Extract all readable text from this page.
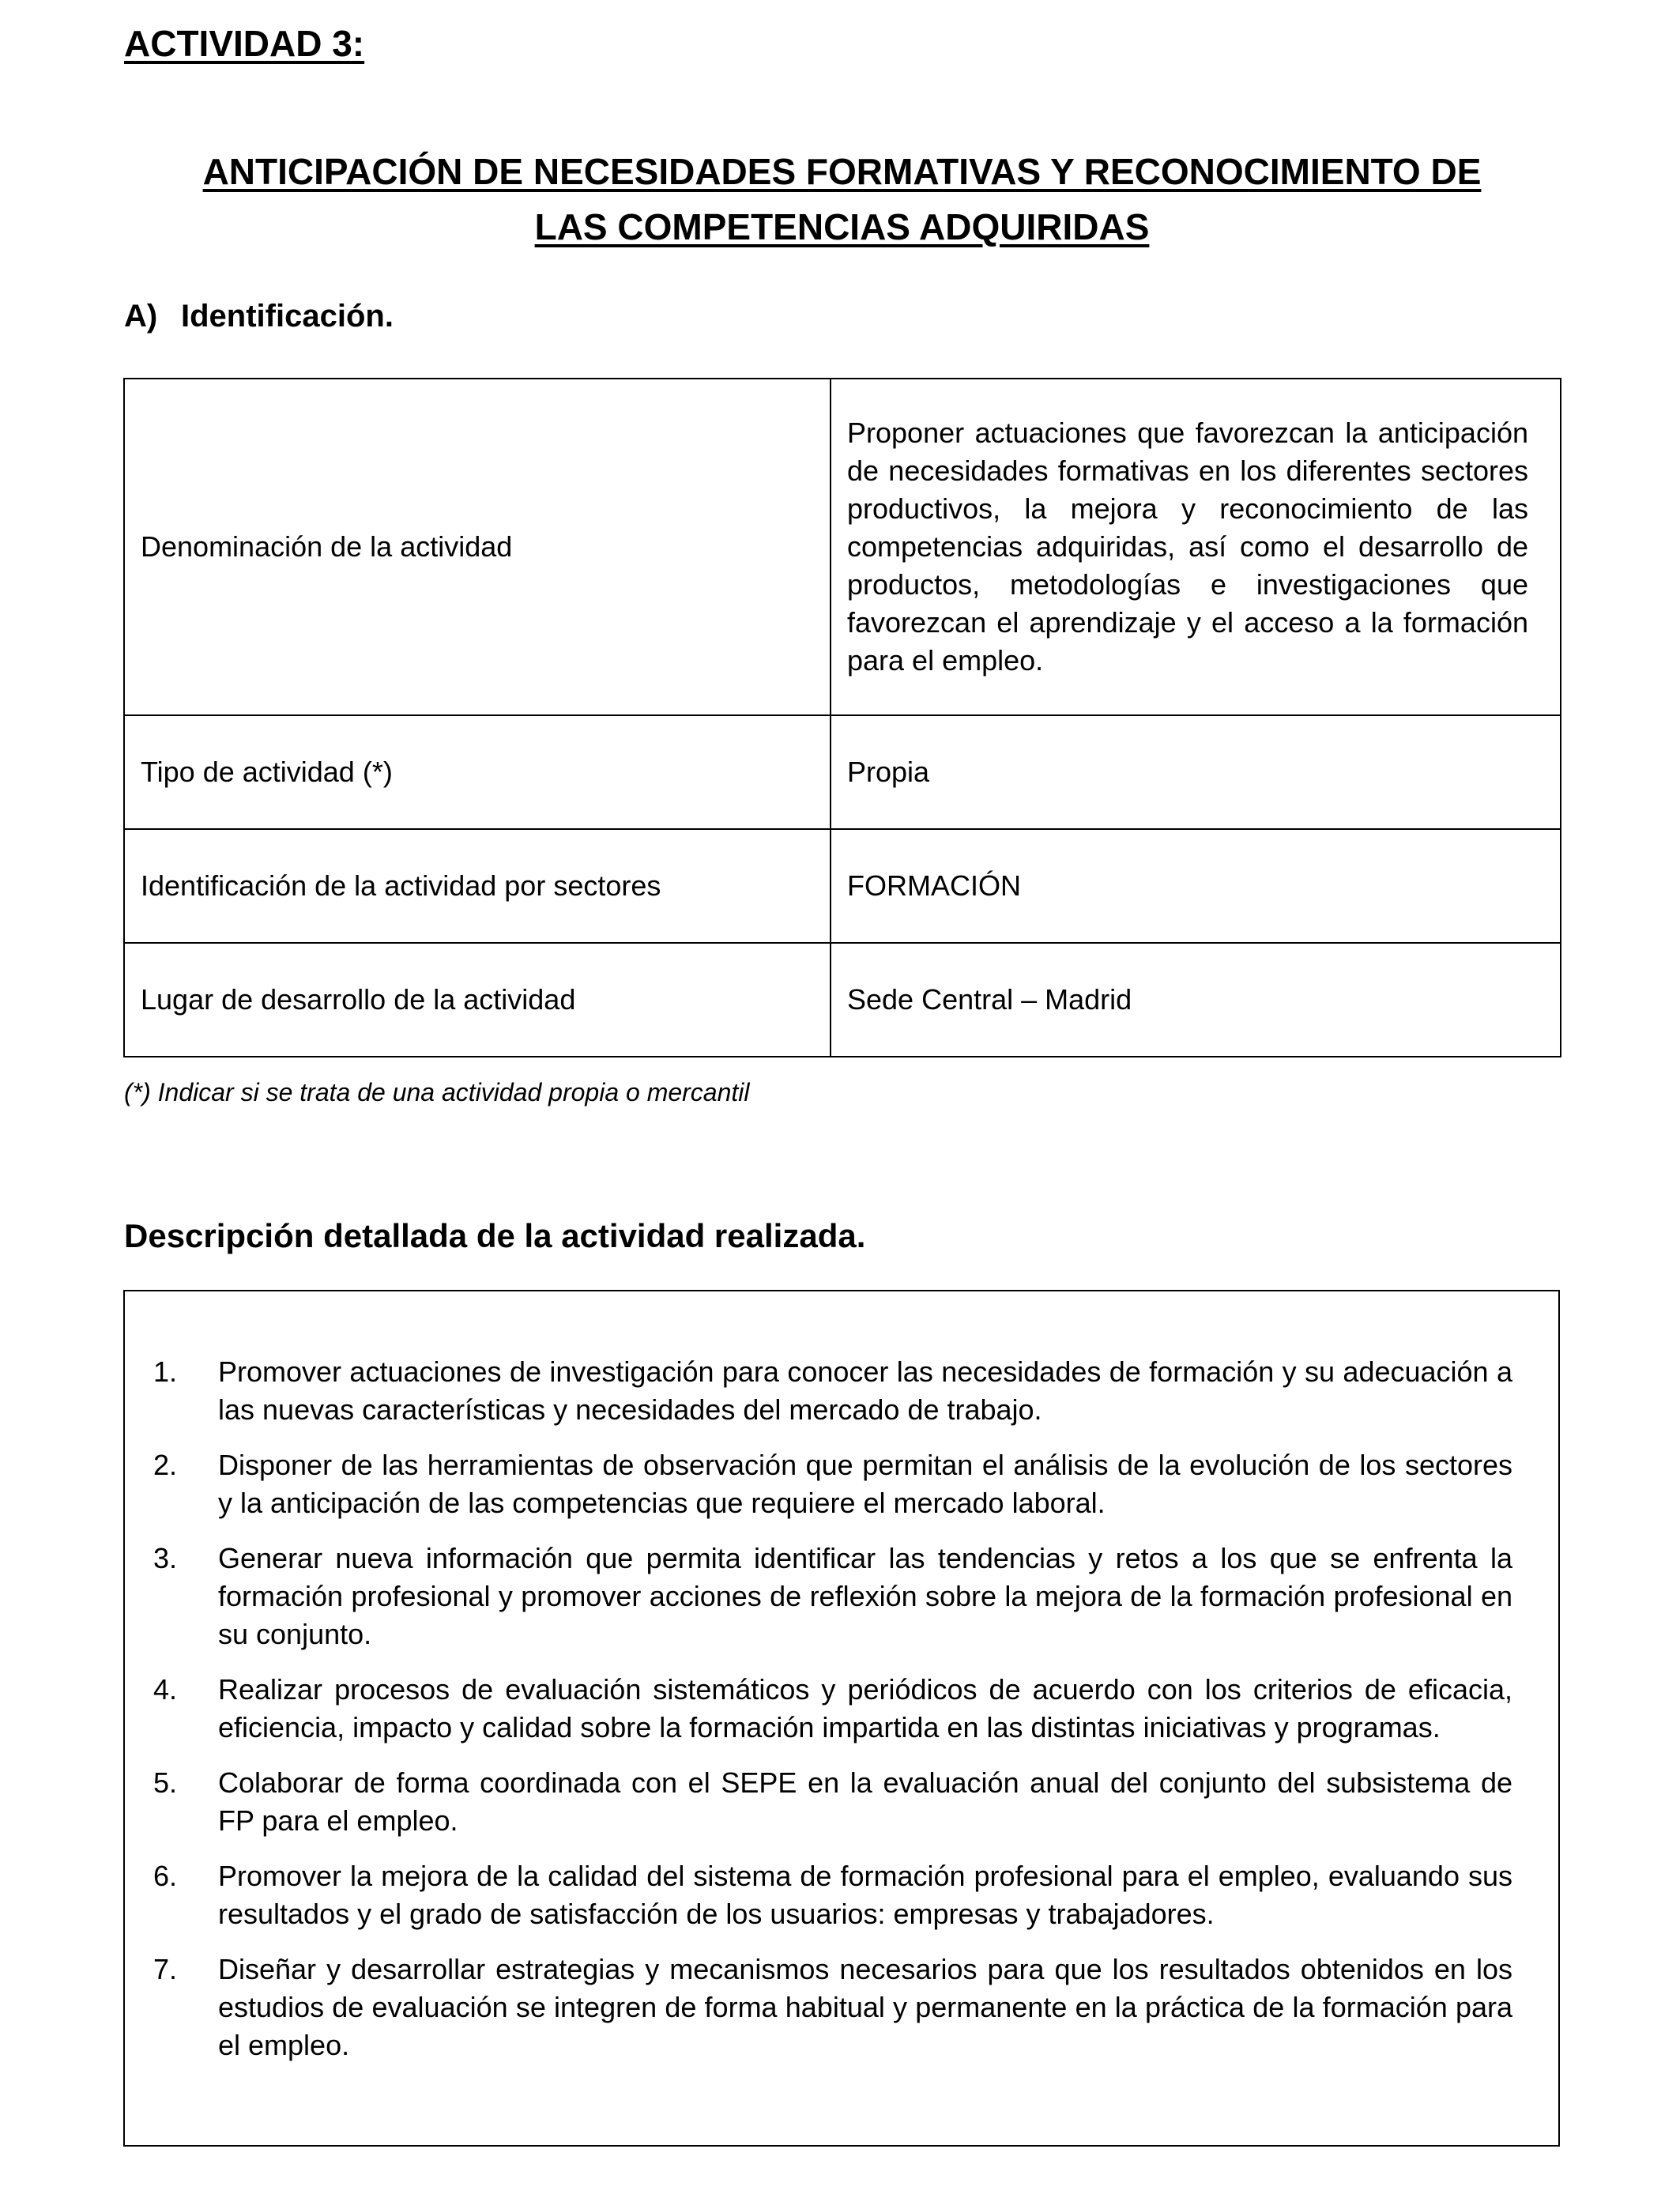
ACTIVIDAD 3:

ANTICIPACIÓN DE NECESIDADES FORMATIVAS Y RECONOCIMIENTO DE
LAS COMPETENCIAS ADQUIRIDAS
A) Identificación.
Denominación de la actividad	Proponer actuaciones que favorezcan la anticipación de necesidades formativas en los diferentes sectores productivos, la mejora y reconocimiento de las competencias adquiridas, así como el desarrollo de productos, metodologías e investigaciones que favorezcan el aprendizaje y el acceso a la formación para el empleo.
Tipo de actividad (*)	Propia
Identificación de la actividad por sectores	FORMACIÓN
Lugar de desarrollo de la actividad	Sede Central – Madrid

(*) Indicar si se trata de una actividad propia o mercantil

Descripción detallada de la actividad realizada.
1.	Promover actuaciones de investigación para conocer las necesidades de formación y su adecuación a las nuevas características y necesidades del mercado de trabajo.
2.	Disponer de las herramientas de observación que permitan el análisis de la evolución de los sectores y la anticipación de las competencias que requiere el mercado laboral.
3.	Generar nueva información que permita identificar las tendencias y retos a los que se enfrenta la formación profesional y promover acciones de reflexión sobre la mejora de la formación profesional en su conjunto.
4.	Realizar procesos de evaluación sistemáticos y periódicos de acuerdo con los criterios de eficacia, eficiencia, impacto y calidad sobre la formación impartida en las distintas iniciativas y programas.
5.	Colaborar de forma coordinada con el SEPE en la evaluación anual del conjunto del subsistema de FP para el empleo.
6.	Promover la mejora de la calidad del sistema de formación profesional para el empleo, evaluando sus resultados y el grado de satisfacción de los usuarios: empresas y trabajadores.
7.	Diseñar y desarrollar estrategias y mecanismos necesarios para que los resultados obtenidos en los estudios de evaluación se integren de forma habitual y permanente en la práctica de la formación para el empleo.
